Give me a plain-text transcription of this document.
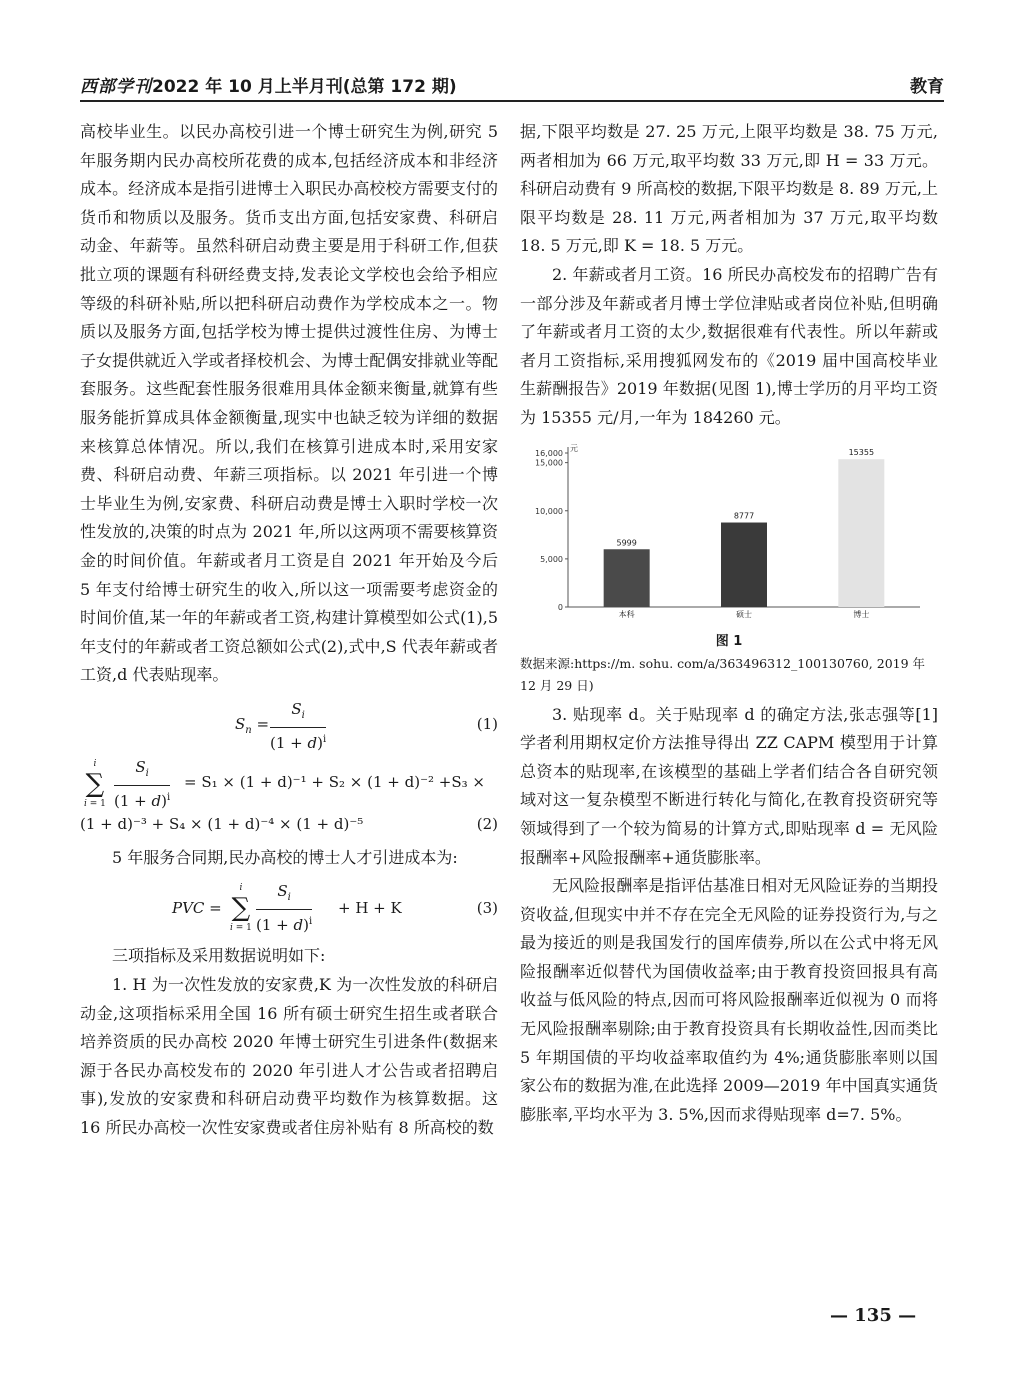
西部学刊2022 年 10 月上半月刊(总第 172 期)	教育

高校毕业生。以民办高校引进一个博士研究生为例,研究 5 年服务期内民办高校所花费的成本,包括经济成本和非经济成本。经济成本是指引进博士入职民办高校校方需要支付的货币和物质以及服务。货币支出方面,包括安家费、科研启动金、年薪等。虽然科研启动费主要是用于科研工作,但获批立项的课题有科研经费支持,发表论文学校也会给予相应等级的科研补贴,所以把科研启动费作为学校成本之一。物质以及服务方面,包括学校为博士提供过渡性住房、为博士子女提供就近入学或者择校机会、为博士配偶安排就业等配套服务。这些配套性服务很难用具体金额来衡量,就算有些服务能折算成具体金额衡量,现实中也缺乏较为详细的数据来核算总体情况。所以,我们在核算引进成本时,采用安家费、科研启动费、年薪三项指标。以 2021 年引进一个博士毕业生为例,安家费、科研启动费是博士入职时学校一次性发放的,决策的时点为 2021 年,所以这两项不需要核算资金的时间价值。年薪或者月工资是自 2021 年开始及今后 5 年支付给博士研究生的收入,所以这一项需要考虑资金的时间价值,某一年的年薪或者工资,构建计算模型如公式(1),5 年支付的年薪或者工资总额如公式(2),式中,S 代表年薪或者工资,d 代表贴现率。

$S_n = \frac{S_i}{(1 + d)^i}$	(1)
i
∑
$i = 1 \frac{S_i}{(1 + d)^i} = S_1 \times (1 + d)^{-1} + S_2 \times (1 + d)^{-2} +S_3$ ×
(1 + d)⁻³ + S₄ × (1 + d)⁻⁴ × (1 + d)⁻⁵	(2)

5 年服务合同期,民办高校的博士人才引进成本为:

PVC =
i
∑
$i = 1 \frac{S_i}{(1 + d)^i} + H + K$	(3)

三项指标及采用数据说明如下:

1. H 为一次性发放的安家费,K 为一次性发放的科研启动金,这项指标采用全国 16 所有硕士研究生招生或者联合培养资质的民办高校 2020 年博士研究生引进条件(数据来源于各民办高校发布的 2020 年引进人才公告或者招聘启事),发放的安家费和科研启动费平均数作为核算数据。这 16 所民办高校一次性安家费或者住房补贴有 8 所高校的数

据,下限平均数是 27. 25 万元,上限平均数是 38. 75 万元,两者相加为 66 万元,取平均数 33 万元,即 H = 33 万元。科研启动费有 9 所高校的数据,下限平均数是 8. 89 万元,上限平均数是 28. 11 万元,两者相加为 37 万元,取平均数 18. 5 万元,即 K = 18. 5 万元。

2. 年薪或者月工资。16 所民办高校发布的招聘广告有一部分涉及年薪或者月博士学位津贴或者岗位补贴,但明确了年薪或者月工资的太少,数据很难有代表性。所以年薪或者月工资指标,采用搜狐网发布的《2019 届中国高校毕业生薪酬报告》2019 年数据(见图 1),博士学历的月平均工资为 15355 元/月,一年为 184260 元。

元
0
5,000
10,000
15,000
16,000
5999
本科
8777
硕士
15355
博士
图 1
数据来源:https://m. sohu. com/a/363496312_100130760, 2019 年 12 月 29 日)

3. 贴现率 d。关于贴现率 d 的确定方法,张志强等[1]学者利用期权定价方法推导得出 ZZ CAPM 模型用于计算总资本的贴现率,在该模型的基础上学者们结合各自研究领域对这一复杂模型不断进行转化与简化,在教育投资研究等领域得到了一个较为简易的计算方式,即贴现率 d = 无风险报酬率+风险报酬率+通货膨胀率。

无风险报酬率是指评估基准日相对无风险证券的当期投资收益,但现实中并不存在完全无风险的证券投资行为,与之最为接近的则是我国发行的国库债券,所以在公式中将无风险报酬率近似替代为国债收益率;由于教育投资回报具有高收益与低风险的特点,因而可将风险报酬率近似视为 0 而将无风险报酬率剔除;由于教育投资具有长期收益性,因而类比 5 年期国债的平均收益率取值约为 4%;通货膨胀率则以国家公布的数据为准,在此选择 2009—2019 年中国真实通货膨胀率,平均水平为 3. 5%,因而求得贴现率 d=7. 5%。

— 135 —
